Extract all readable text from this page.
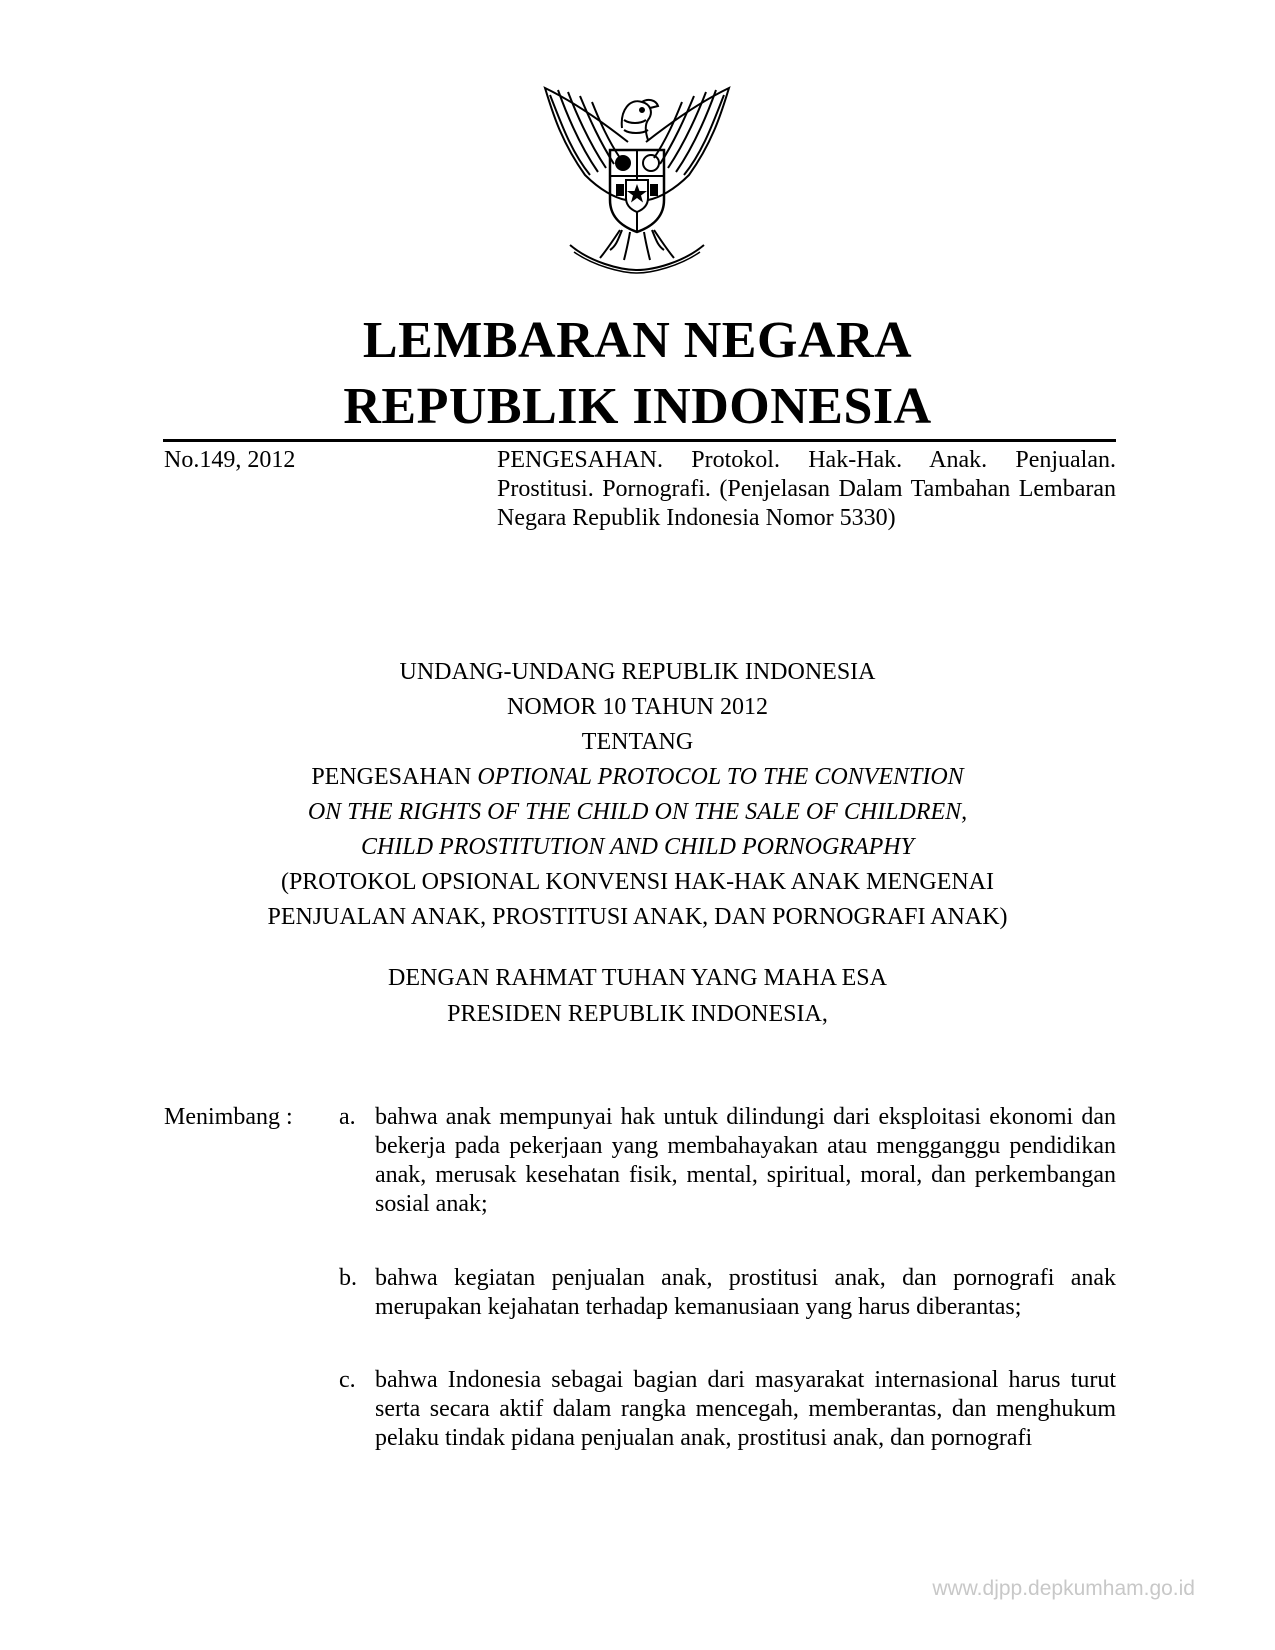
LEMBARAN NEGARA
REPUBLIK INDONESIA
No.149, 2012	PENGESAHAN. Protokol. Hak-Hak. Anak. Penjualan. Prostitusi. Pornografi. (Penjelasan Dalam Tambahan Lembaran Negara Republik Indonesia Nomor 5330)
UNDANG-UNDANG REPUBLIK INDONESIA
NOMOR 10 TAHUN 2012
TENTANG
PENGESAHAN OPTIONAL PROTOCOL TO THE CONVENTION
ON THE RIGHTS OF THE CHILD ON THE SALE OF CHILDREN,
CHILD PROSTITUTION AND CHILD PORNOGRAPHY
(PROTOKOL OPSIONAL KONVENSI HAK-HAK ANAK MENGENAI
PENJUALAN ANAK, PROSTITUSI ANAK, DAN PORNOGRAFI ANAK)
DENGAN RAHMAT TUHAN YANG MAHA ESA
PRESIDEN REPUBLIK INDONESIA,
Menimbang : a. bahwa anak mempunyai hak untuk dilindungi dari eksploitasi ekonomi dan bekerja pada pekerjaan yang membahayakan atau mengganggu pendidikan anak, merusak kesehatan fisik, mental, spiritual, moral, dan perkembangan sosial anak;
b. bahwa kegiatan penjualan anak, prostitusi anak, dan pornografi anak merupakan kejahatan terhadap kemanusiaan yang harus diberantas;
c. bahwa Indonesia sebagai bagian dari masyarakat internasional harus turut serta secara aktif dalam rangka mencegah, memberantas, dan menghukum pelaku tindak pidana penjualan anak, prostitusi anak, dan pornografi
www.djpp.depkumham.go.id
